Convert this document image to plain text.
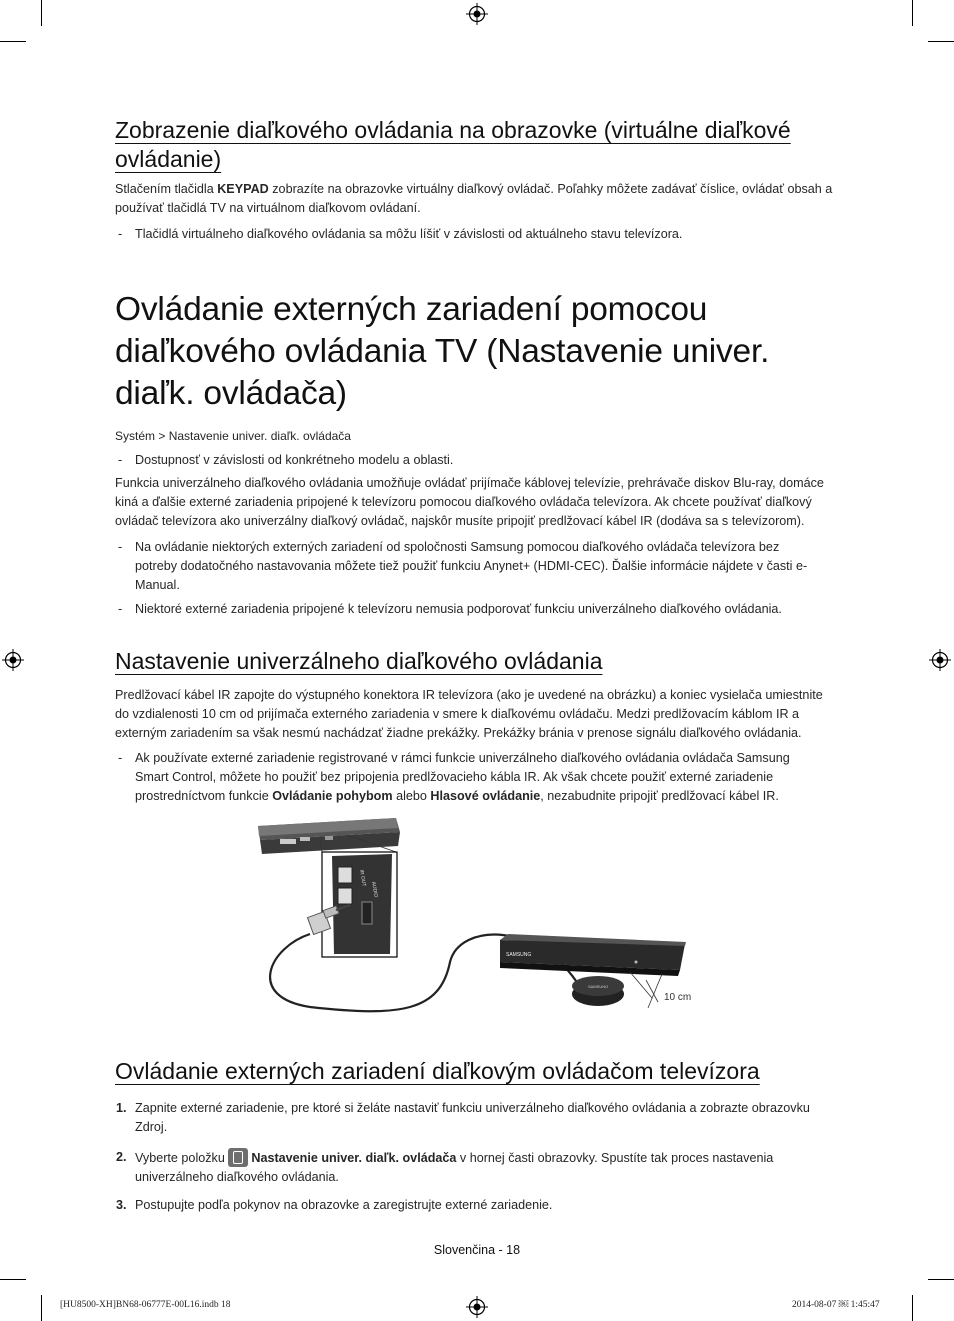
Zobrazenie diaľkového ovládania na obrazovke (virtuálne diaľkové ovládanie)
Stlačením tlačidla KEYPAD zobrazíte na obrazovke virtuálny diaľkový ovládač. Poľahky môžete zadávať číslice, ovládať obsah a používať tlačidlá TV na virtuálnom diaľkovom ovládaní.
- Tlačidlá virtuálneho diaľkového ovládania sa môžu líšiť v závislosti od aktuálneho stavu televízora.
Ovládanie externých zariadení pomocou diaľkového ovládania TV (Nastavenie univer. diaľk. ovládača)
Systém > Nastavenie univer. diaľk. ovládača
- Dostupnosť v závislosti od konkrétneho modelu a oblasti.
Funkcia univerzálneho diaľkového ovládania umožňuje ovládať prijímače káblovej televízie, prehrávače diskov Blu-ray, domáce kiná a ďalšie externé zariadenia pripojené k televízoru pomocou diaľkového ovládača televízora. Ak chcete používať diaľkový ovládač televízora ako univerzálny diaľkový ovládač, najskôr musíte pripojiť predlžovací kábel IR (dodáva sa s televízorom).
- Na ovládanie niektorých externých zariadení od spoločnosti Samsung pomocou diaľkového ovládača televízora bez potreby dodatočného nastavovania môžete tiež použiť funkciu Anynet+ (HDMI-CEC). Ďalšie informácie nájdete v časti e-Manual.
- Niektoré externé zariadenia pripojené k televízoru nemusia podporovať funkciu univerzálneho diaľkového ovládania.
Nastavenie univerzálneho diaľkového ovládania
Predlžovací kábel IR zapojte do výstupného konektora IR televízora (ako je uvedené na obrázku) a koniec vysielača umiestnite do vzdialenosti 10 cm od prijímača externého zariadenia v smere k diaľkovému ovládaču. Medzi predlžovacím káblom IR a externým zariadením sa však nesmú nachádzať žiadne prekážky. Prekážky bránia v prenose signálu diaľkového ovládania.
- Ak používate externé zariadenie registrované v rámci funkcie univerzálneho diaľkového ovládania ovládača Samsung Smart Control, môžete ho použiť bez pripojenia predlžovacieho kábla IR. Ak však chcete použiť externé zariadenie prostredníctvom funkcie Ovládanie pohybom alebo Hlasové ovládanie, nezabudnite pripojiť predlžovací kábel IR.
IR OUT
AUDIO
SAMSUNG
SAMSUNG
10 cm
Ovládanie externých zariadení diaľkovým ovládačom televízora
1. Zapnite externé zariadenie, pre ktoré si želáte nastaviť funkciu univerzálneho diaľkového ovládania a zobrazte obrazovku Zdroj.
2. Vyberte položku
Nastavenie univer. diaľk. ovládača v hornej časti obrazovky. Spustíte tak proces nastavenia univerzálneho diaľkového ovládania.
3. Postupujte podľa pokynov na obrazovke a zaregistrujte externé zariadenie.
Slovenčina - 18
[HU8500-XH]BN68-06777E-00L16.indb 18	2014-08-07 ￼ 1:45:47
